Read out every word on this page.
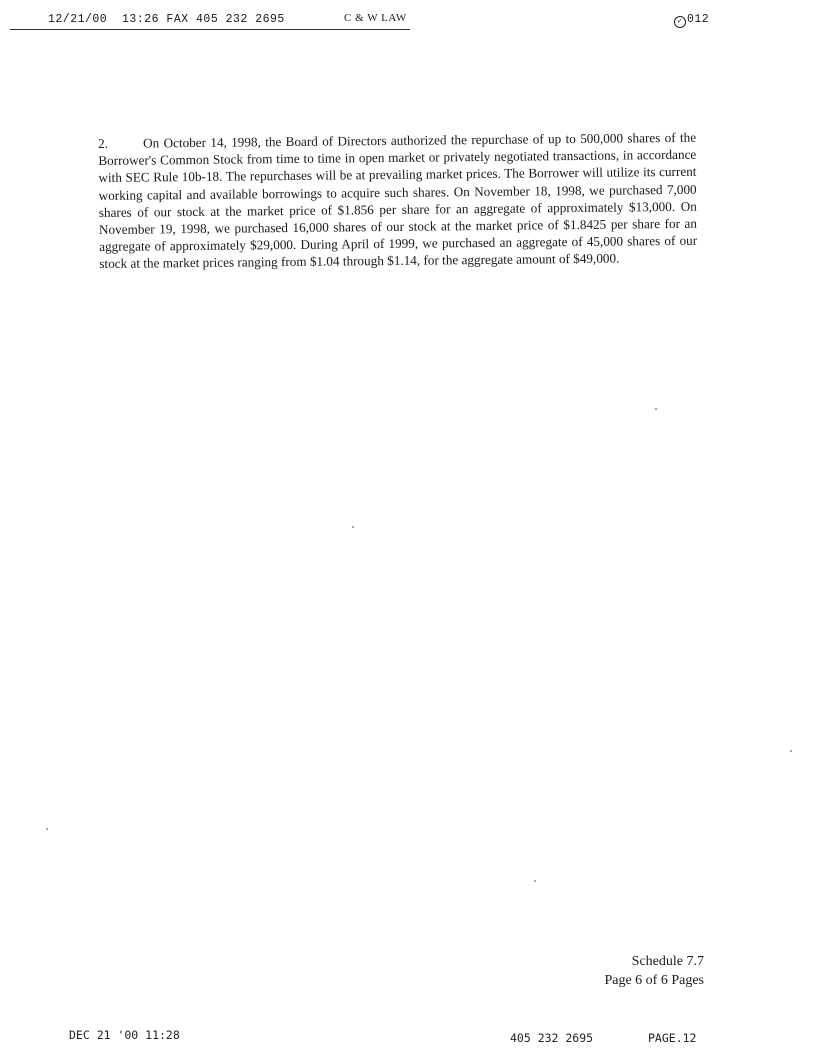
12/21/00  13:26 FAX 405 232 2695	C & W LAW	✓ 012
2.	On October 14, 1998, the Board of Directors authorized the repurchase of up to 500,000 shares of the Borrower's Common Stock from time to time in open market or privately negotiated transactions, in accordance with SEC Rule 10b-18. The repurchases will be at prevailing market prices. The Borrower will utilize its current working capital and available borrowings to acquire such shares. On November 18, 1998, we purchased 7,000 shares of our stock at the market price of $1.856 per share for an aggregate of approximately $13,000. On November 19, 1998, we purchased 16,000 shares of our stock at the market price of $1.8425 per share for an aggregate of approximately $29,000. During April of 1999, we purchased an aggregate of 45,000 shares of our stock at the market prices ranging from $1.04 through $1.14, for the aggregate amount of $49,000.
Schedule 7.7
Page 6 of 6 Pages
DEC 21 '00 11:28	405 232 2695	PAGE.12
